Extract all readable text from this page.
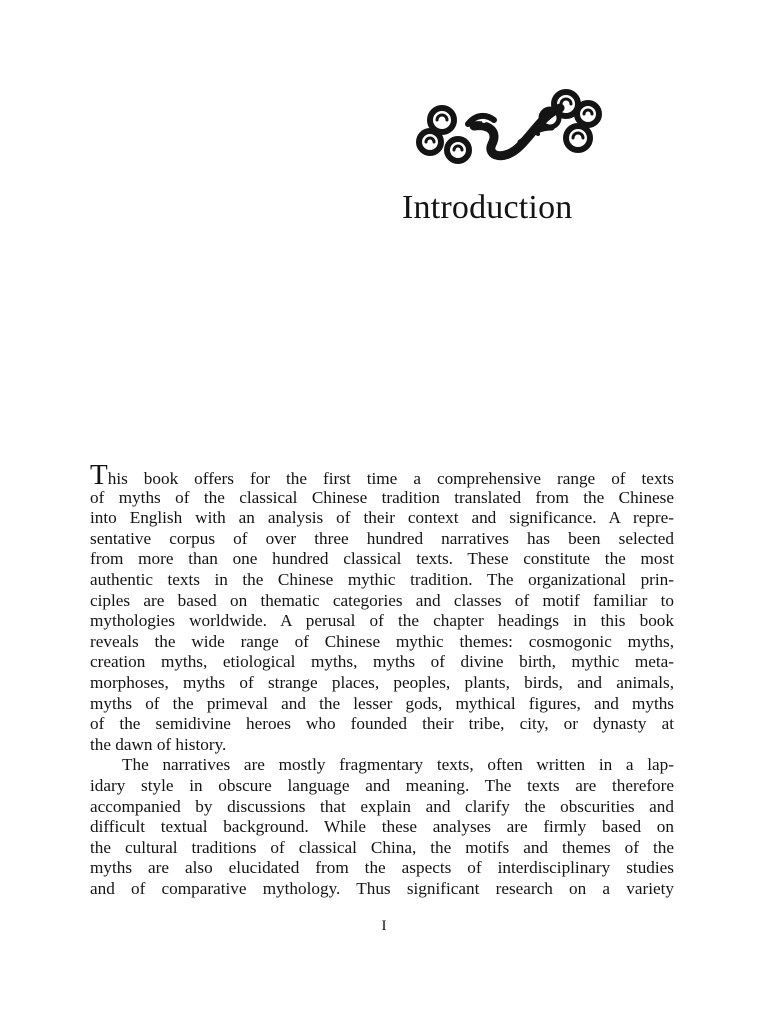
Introduction
This book offers for the first time a comprehensive range of texts
of myths of the classical Chinese tradition translated from the Chinese
into English with an analysis of their context and significance. A repre-
sentative corpus of over three hundred narratives has been selected
from more than one hundred classical texts. These constitute the most
authentic texts in the Chinese mythic tradition. The organizational prin-
ciples are based on thematic categories and classes of motif familiar to
mythologies worldwide. A perusal of the chapter headings in this book
reveals the wide range of Chinese mythic themes: cosmogonic myths,
creation myths, etiological myths, myths of divine birth, mythic meta-
morphoses, myths of strange places, peoples, plants, birds, and animals,
myths of the primeval and the lesser gods, mythical figures, and myths
of the semidivine heroes who founded their tribe, city, or dynasty at
the dawn of history.
The narratives are mostly fragmentary texts, often written in a lap-
idary style in obscure language and meaning. The texts are therefore
accompanied by discussions that explain and clarify the obscurities and
difficult textual background. While these analyses are firmly based on
the cultural traditions of classical China, the motifs and themes of the
myths are also elucidated from the aspects of interdisciplinary studies
and of comparative mythology. Thus significant research on a variety
I
